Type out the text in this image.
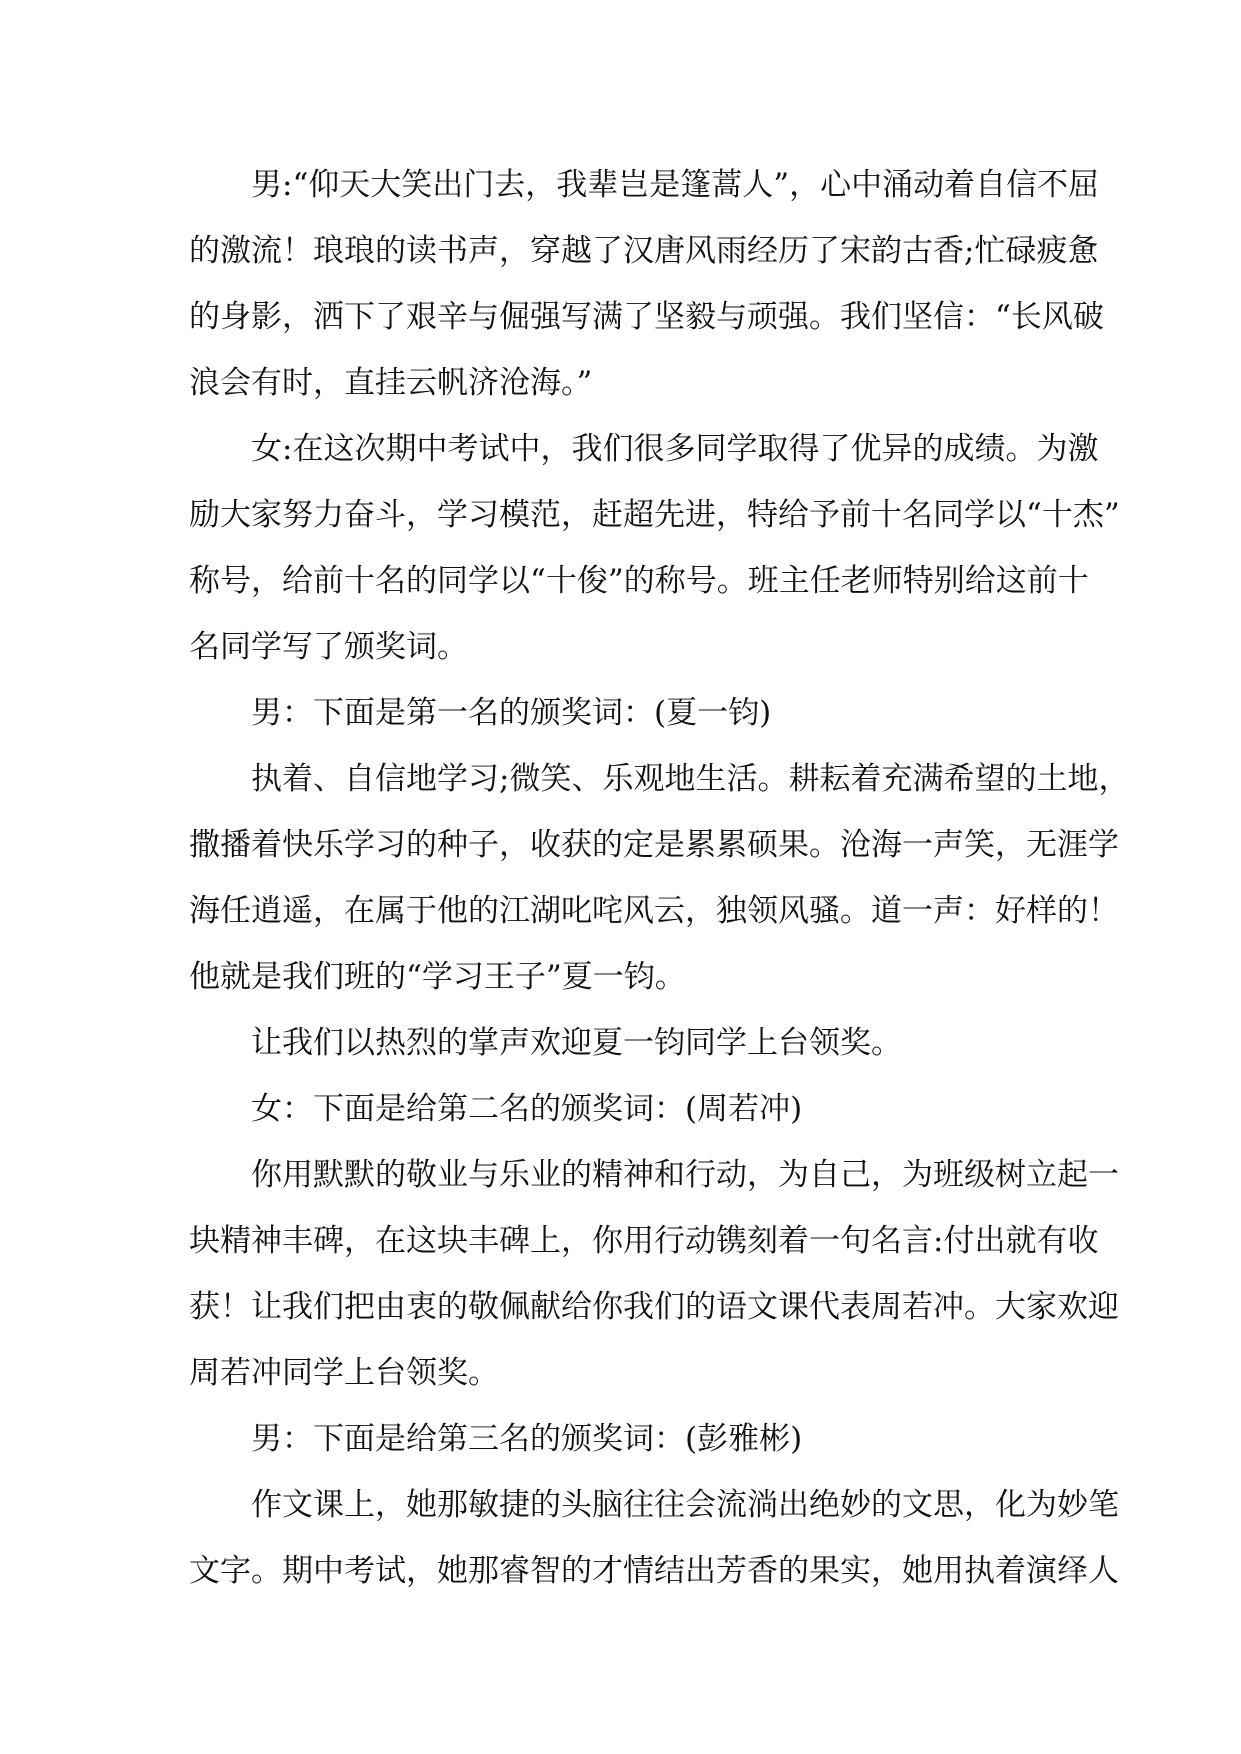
男:“仰天大笑出门去，我辈岂是篷蒿人”，心中涌动着自信不屈
的激流！琅琅的读书声，穿越了汉唐风雨经历了宋韵古香;忙碌疲惫
的身影，洒下了艰辛与倔强写满了坚毅与顽强。我们坚信：“长风破
浪会有时，直挂云帆济沧海。”
女:在这次期中考试中，我们很多同学取得了优异的成绩。为激
励大家努力奋斗，学习模范，赶超先进，特给予前十名同学以“十杰”
称号，给前十名的同学以“十俊”的称号。班主任老师特别给这前十
名同学写了颁奖词。
男：下面是第一名的颁奖词：(夏一钧)
执着、自信地学习;微笑、乐观地生活。耕耘着充满希望的土地，
撒播着快乐学习的种子，收获的定是累累硕果。沧海一声笑，无涯学
海任逍遥，在属于他的江湖叱咤风云，独领风骚。道一声：好样的！
他就是我们班的“学习王子”夏一钧。
让我们以热烈的掌声欢迎夏一钧同学上台领奖。
女：下面是给第二名的颁奖词：(周若冲)
你用默默的敬业与乐业的精神和行动，为自己，为班级树立起一
块精神丰碑，在这块丰碑上，你用行动镌刻着一句名言:付出就有收
获！让我们把由衷的敬佩献给你我们的语文课代表周若冲。大家欢迎
周若冲同学上台领奖。
男：下面是给第三名的颁奖词：(彭雅彬)
作文课上，她那敏捷的头脑往往会流淌出绝妙的文思，化为妙笔
文字。期中考试，她那睿智的才情结出芳香的果实，她用执着演绎人
